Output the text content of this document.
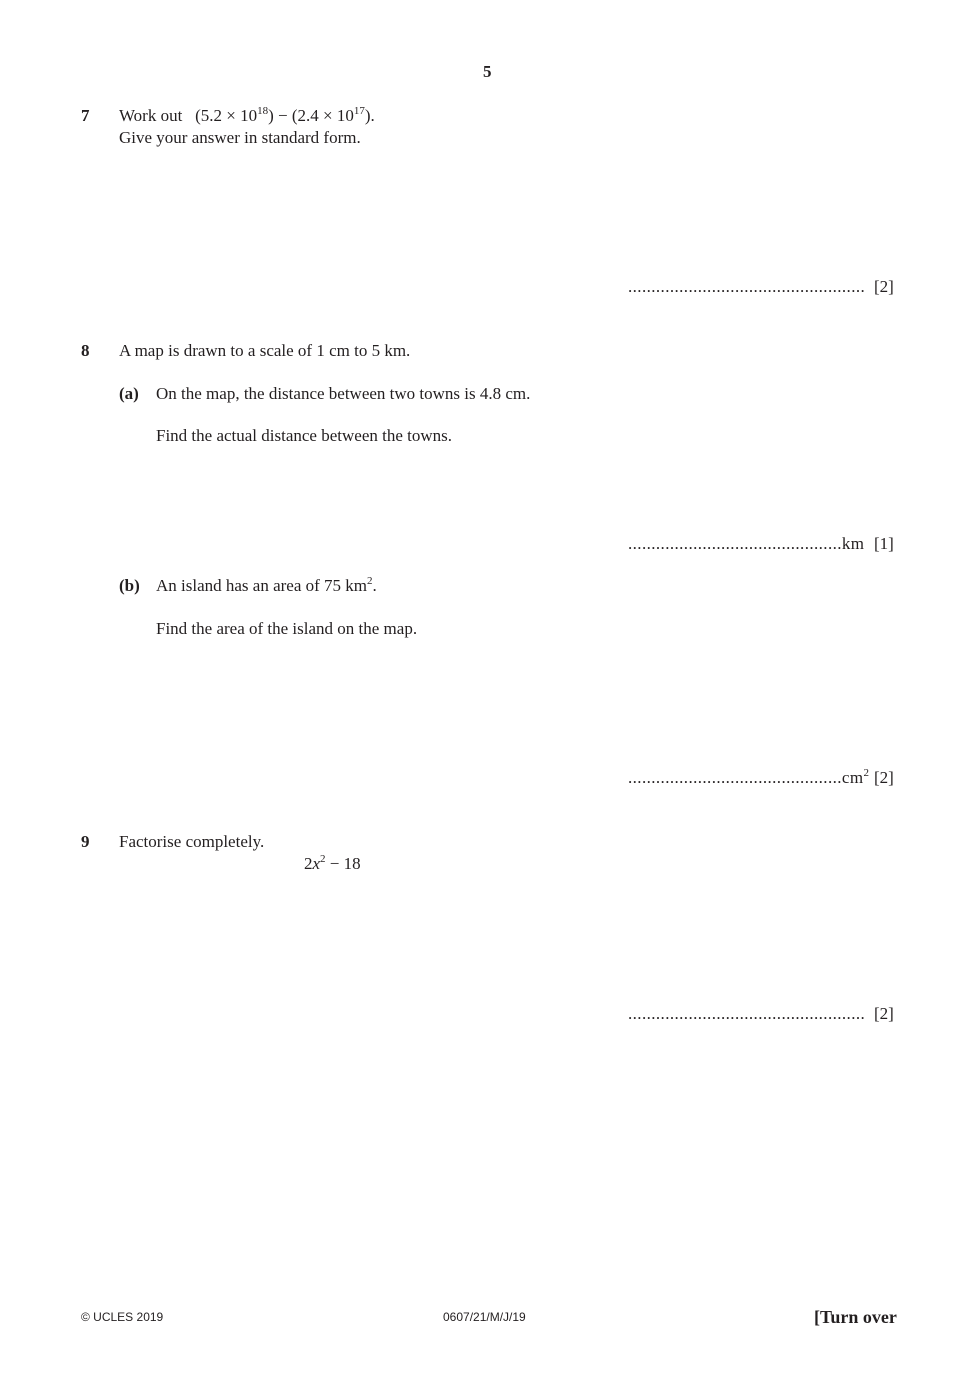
5
7 Work out $(5.2 \times 10^{18}) - (2.4 \times 10^{17})$.
Give your answer in standard form.
................................................... [2]
8 A map is drawn to a scale of 1 cm to 5 km.
(a) On the map, the distance between two towns is 4.8 cm.
Find the actual distance between the towns.
..............................................km [1]
(b) An island has an area of 75 $km^2$.
Find the area of the island on the map.
$..............................................cm^2$ [2]
9 Factorise completely.
$2x^2 - 18$
................................................... [2]
© UCLES 2019	0607/21/M/J/19	[Turn over
